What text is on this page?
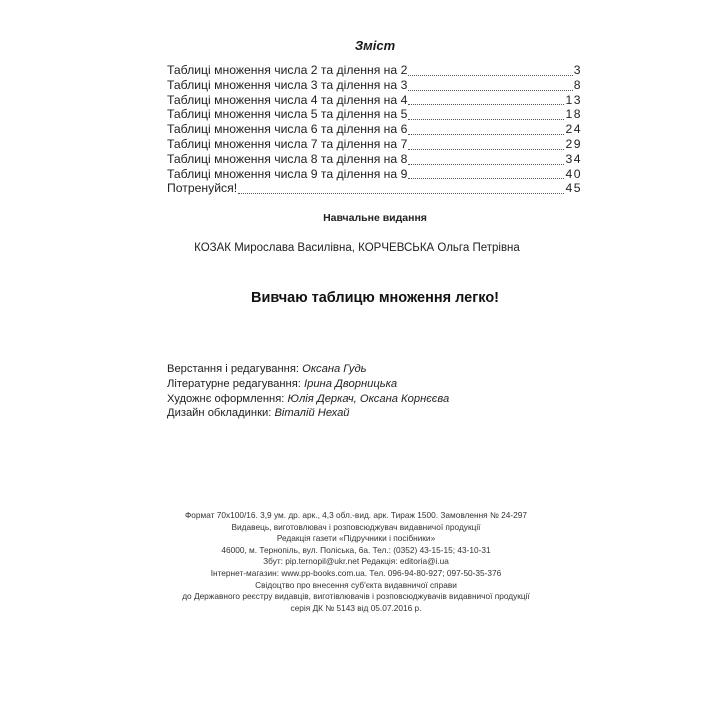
Зміст
Таблиці множення числа 2 та ділення на 2	3
Таблиці множення числа 3 та ділення на 3	8
Таблиці множення числа 4 та ділення на 4	13
Таблиці множення числа 5 та ділення на 5	18
Таблиці множення числа 6 та ділення на 6	24
Таблиці множення числа 7 та ділення на 7	29
Таблиці множення числа 8 та ділення на 8	34
Таблиці множення числа 9 та ділення на 9	40
Потренуйся!	45
Навчальне видання
КОЗАК Мирослава Василівна, КОРЧЕВСЬКА Ольга Петрівна
Вивчаю таблицю множення легко!
Верстання і редагування: Оксана Гудь
Літературне редагування: Ірина Дворницька
Художнє оформлення: Юлія Деркач, Оксана Корнєєва
Дизайн обкладинки: Віталій Нехай
Формат 70х100/16. 3,9 ум. др. арк., 4,3 обл.-вид. арк. Тираж 1500. Замовлення № 24-297
Видавець, виготовлювач і розповсюджувач видавничої продукції
Редакція газети «Підручники і посібники»
46000, м. Тернопіль, вул. Поліська, 6а. Тел.: (0352) 43-15-15; 43-10-31
Збут: pip.ternopil@ukr.net Редакція: editoria@i.ua
Інтернет-магазин: www.pp-books.com.ua. Тел. 096-94-80-927; 097-50-35-376
Свідоцтво про внесення суб'єкта видавничої справи
до Державного реєстру видавців, виготівлювачів і розповсюджувачів видавничої продукції
серія ДК № 5143 від 05.07.2016 р.
